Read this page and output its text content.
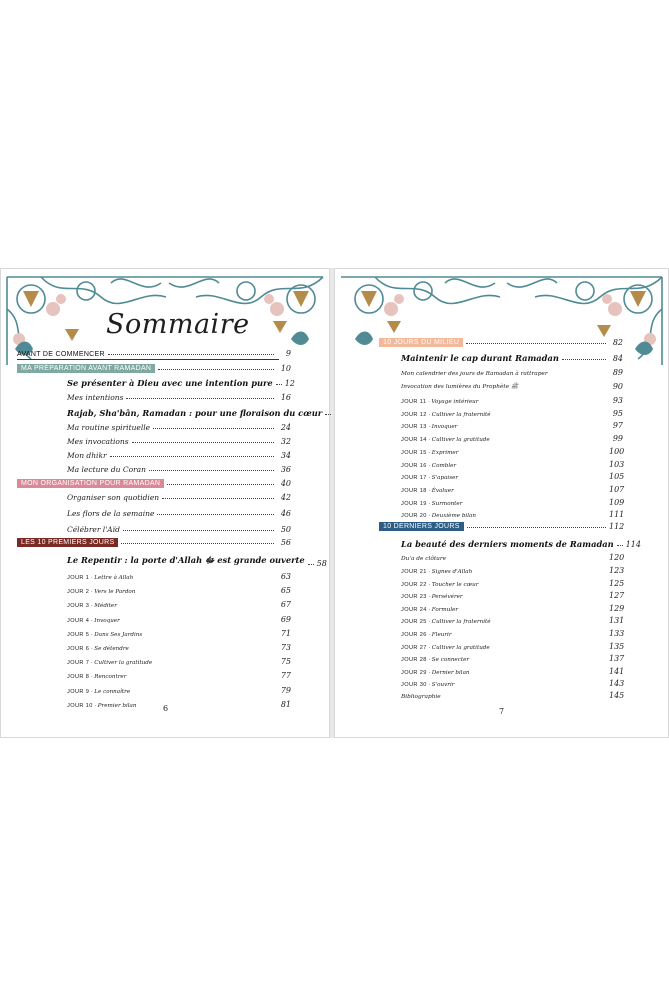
Sommaire
AVANT DE COMMENCER	9
MA PRÉPARATION AVANT RAMADAN	10
Se présenter à Dieu avec une intention pure 12
Mes intentions	16
Rajab, Sha'bân, Ramadan : pour une floraison du cœur
Ma routine spirituelle	24
Mes invocations	32
Mon dhikr	34
Ma lecture du Coran	36
MON ORGANISATION POUR RAMADAN	40
Organiser son quotidien	42
Les flors de la semaine	46
Célébrer l'Aïd	50
LES 10 PREMIERS JOURS	56
Le Repentir : la porte d'Allah ﷻ est grande ouverte 58
JOUR 1 · Lettre à Allah	63
JOUR 2 · Vers le Pardon	65
JOUR 3 · Méditer	67
JOUR 4 · Invoquer	69
JOUR 5 · Dans Ses Jardins	71
JOUR 6 · Se détendre	73
JOUR 7 · Cultiver la gratitude	75
JOUR 8 · Rencontrer	77
JOUR 9 · Le connaître	79
JOUR 10 · Premier bilan	81
6
10 JOURS DU MILIEU	82
Maintenir le cap durant Ramadan	84
Mon calendrier des jours de Ramadan à rattraper	89
Invocation des lumières du Prophète ﷺ	90
JOUR 11 · Voyage intérieur	93
JOUR 12 · Cultiver la fraternité	95
JOUR 13 · Invoquer	97
JOUR 14 · Cultiver la gratitude	99
JOUR 15 · Exprimer	100
JOUR 16 · Combler	103
JOUR 17 · S'apaiser	105
JOUR 18 · Évaluer	107
JOUR 19 · Surmonter	109
JOUR 20 · Deuxième bilan	111
10 DERNIERS JOURS	112
La beauté des derniers moments de Ramadan 114
Du'a de clôture	120
JOUR 21 · Signes d'Allah	123
JOUR 22 · Toucher le cœur	125
JOUR 23 · Persévérer	127
JOUR 24 · Formuler	129
JOUR 25 · Cultiver la fraternité	131
JOUR 26 · Fleurir	133
JOUR 27 · Cultiver la gratitude	135
JOUR 28 · Se connecter	137
JOUR 29 · Dernier bilan	141
JOUR 30 · S'ouvrir	143
Bibliographie	145
7
